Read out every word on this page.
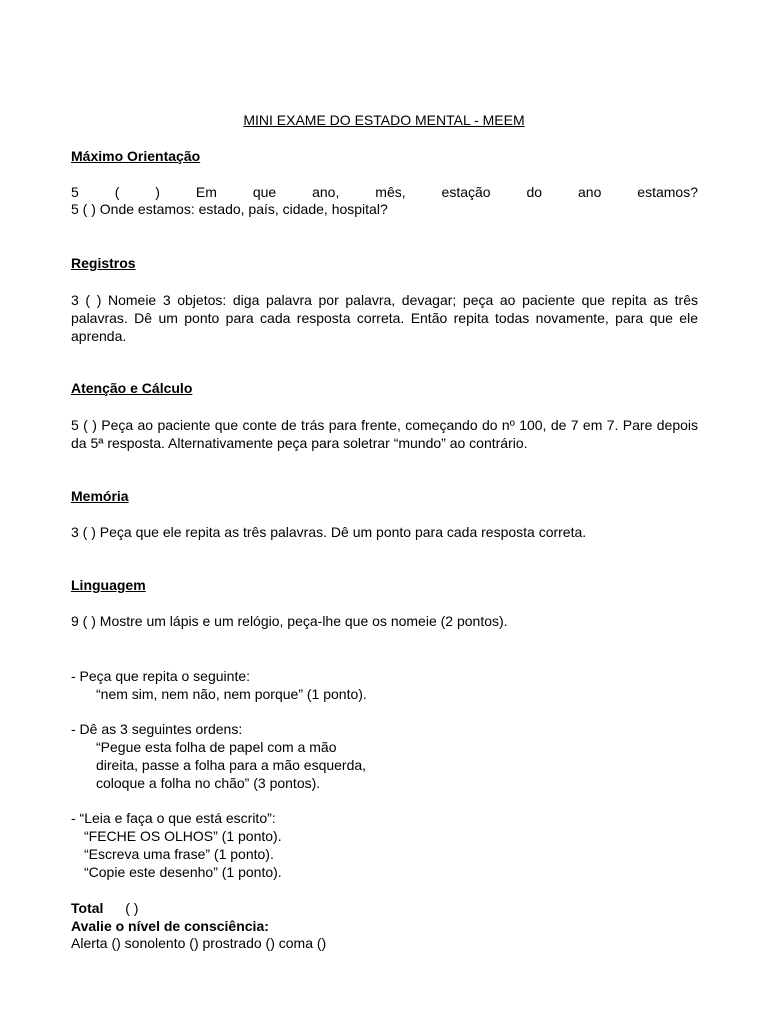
MINI EXAME DO ESTADO MENTAL - MEEM
Máximo Orientação
5 ( ) Em que ano, mês, estação do ano estamos?
5 ( ) Onde estamos: estado, país, cidade, hospital?
Registros
3 ( ) Nomeie 3 objetos: diga palavra por palavra, devagar; peça ao paciente que repita as três palavras. Dê um ponto para cada resposta correta. Então repita todas novamente, para que ele aprenda.
Atenção e Cálculo
5 ( ) Peça ao paciente que conte de trás para frente, começando do nº 100, de 7 em 7. Pare depois da 5ª resposta. Alternativamente peça para soletrar “mundo” ao contrário.
Memória
3 ( ) Peça que ele repita as três palavras. Dê um ponto para cada resposta correta.
Linguagem
9 ( ) Mostre um lápis e um relógio, peça-lhe que os nomeie (2 pontos).
- Peça que repita o seguinte:
“nem sim, nem não, nem porque” (1 ponto).
- Dê as 3 seguintes ordens:
“Pegue esta folha de papel com a mão
direita, passe a folha para a mão esquerda,
coloque a folha no chão” (3 pontos).
- “Leia e faça o que está escrito”:
“FECHE OS OLHOS” (1 ponto).
“Escreva uma frase” (1 ponto).
“Copie este desenho” (1 ponto).
Total ( )
Avalie o nível de consciência:
Alerta () sonolento () prostrado () coma ()
